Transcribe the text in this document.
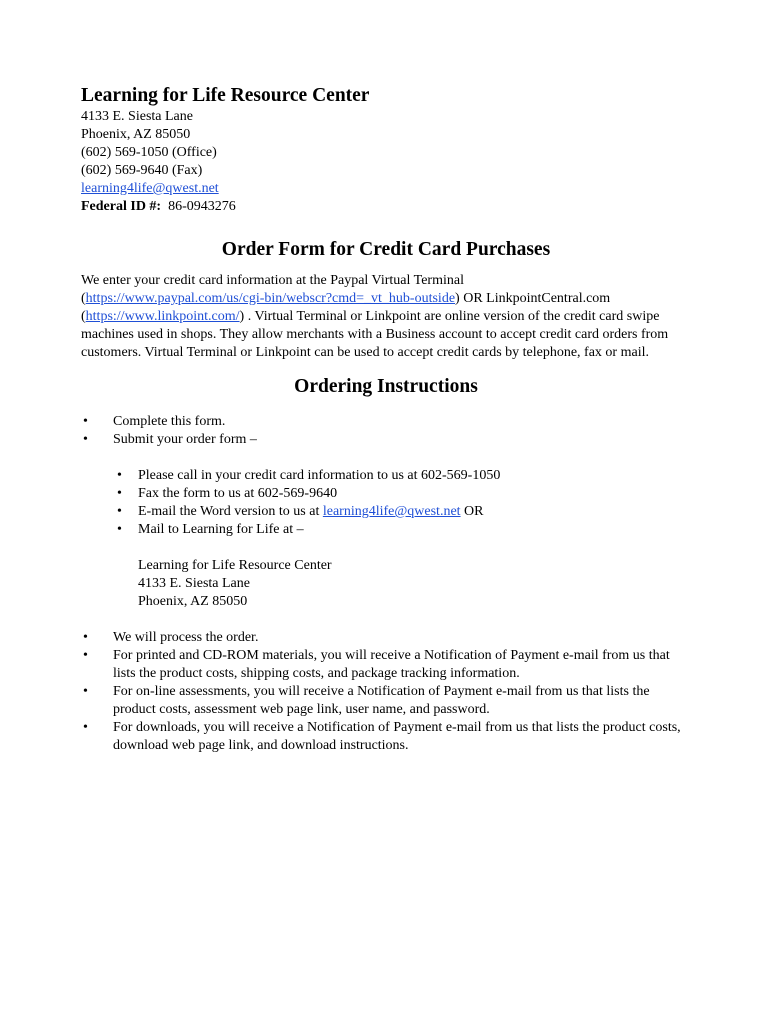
Learning for Life Resource Center

4133 E. Siesta Lane

Phoenix, AZ 85050

(602) 569-1050 (Office)

(602) 569-9640 (Fax)

learning4life@qwest.net

Federal ID #: 86-0943276

Order Form for Credit Card Purchases

We enter your credit card information at the Paypal Virtual Terminal
(https://www.paypal.com/us/cgi-bin/webscr?cmd=_vt_hub-outside) OR LinkpointCentral.com
(https://www.linkpoint.com/) . Virtual Terminal or Linkpoint are online version of the credit card swipe machines used in shops. They allow merchants with a Business account to accept credit card orders from customers. Virtual Terminal or Linkpoint can be used to accept credit cards by telephone, fax or mail.

Ordering Instructions

• Complete this form.
• Submit your order form –
• Please call in your credit card information to us at 602-569-1050
• Fax the form to us at 602-569-9640
• E-mail the Word version to us at learning4life@qwest.net OR
• Mail to Learning for Life at –
Learning for Life Resource Center
4133 E. Siesta Lane
Phoenix, AZ 85050
• We will process the order.
• For printed and CD-ROM materials, you will receive a Notification of Payment e-mail from us that lists the product costs, shipping costs, and package tracking information.
• For on-line assessments, you will receive a Notification of Payment e-mail from us that lists the product costs, assessment web page link, user name, and password.
• For downloads, you will receive a Notification of Payment e-mail from us that lists the product costs, download web page link, and download instructions.
